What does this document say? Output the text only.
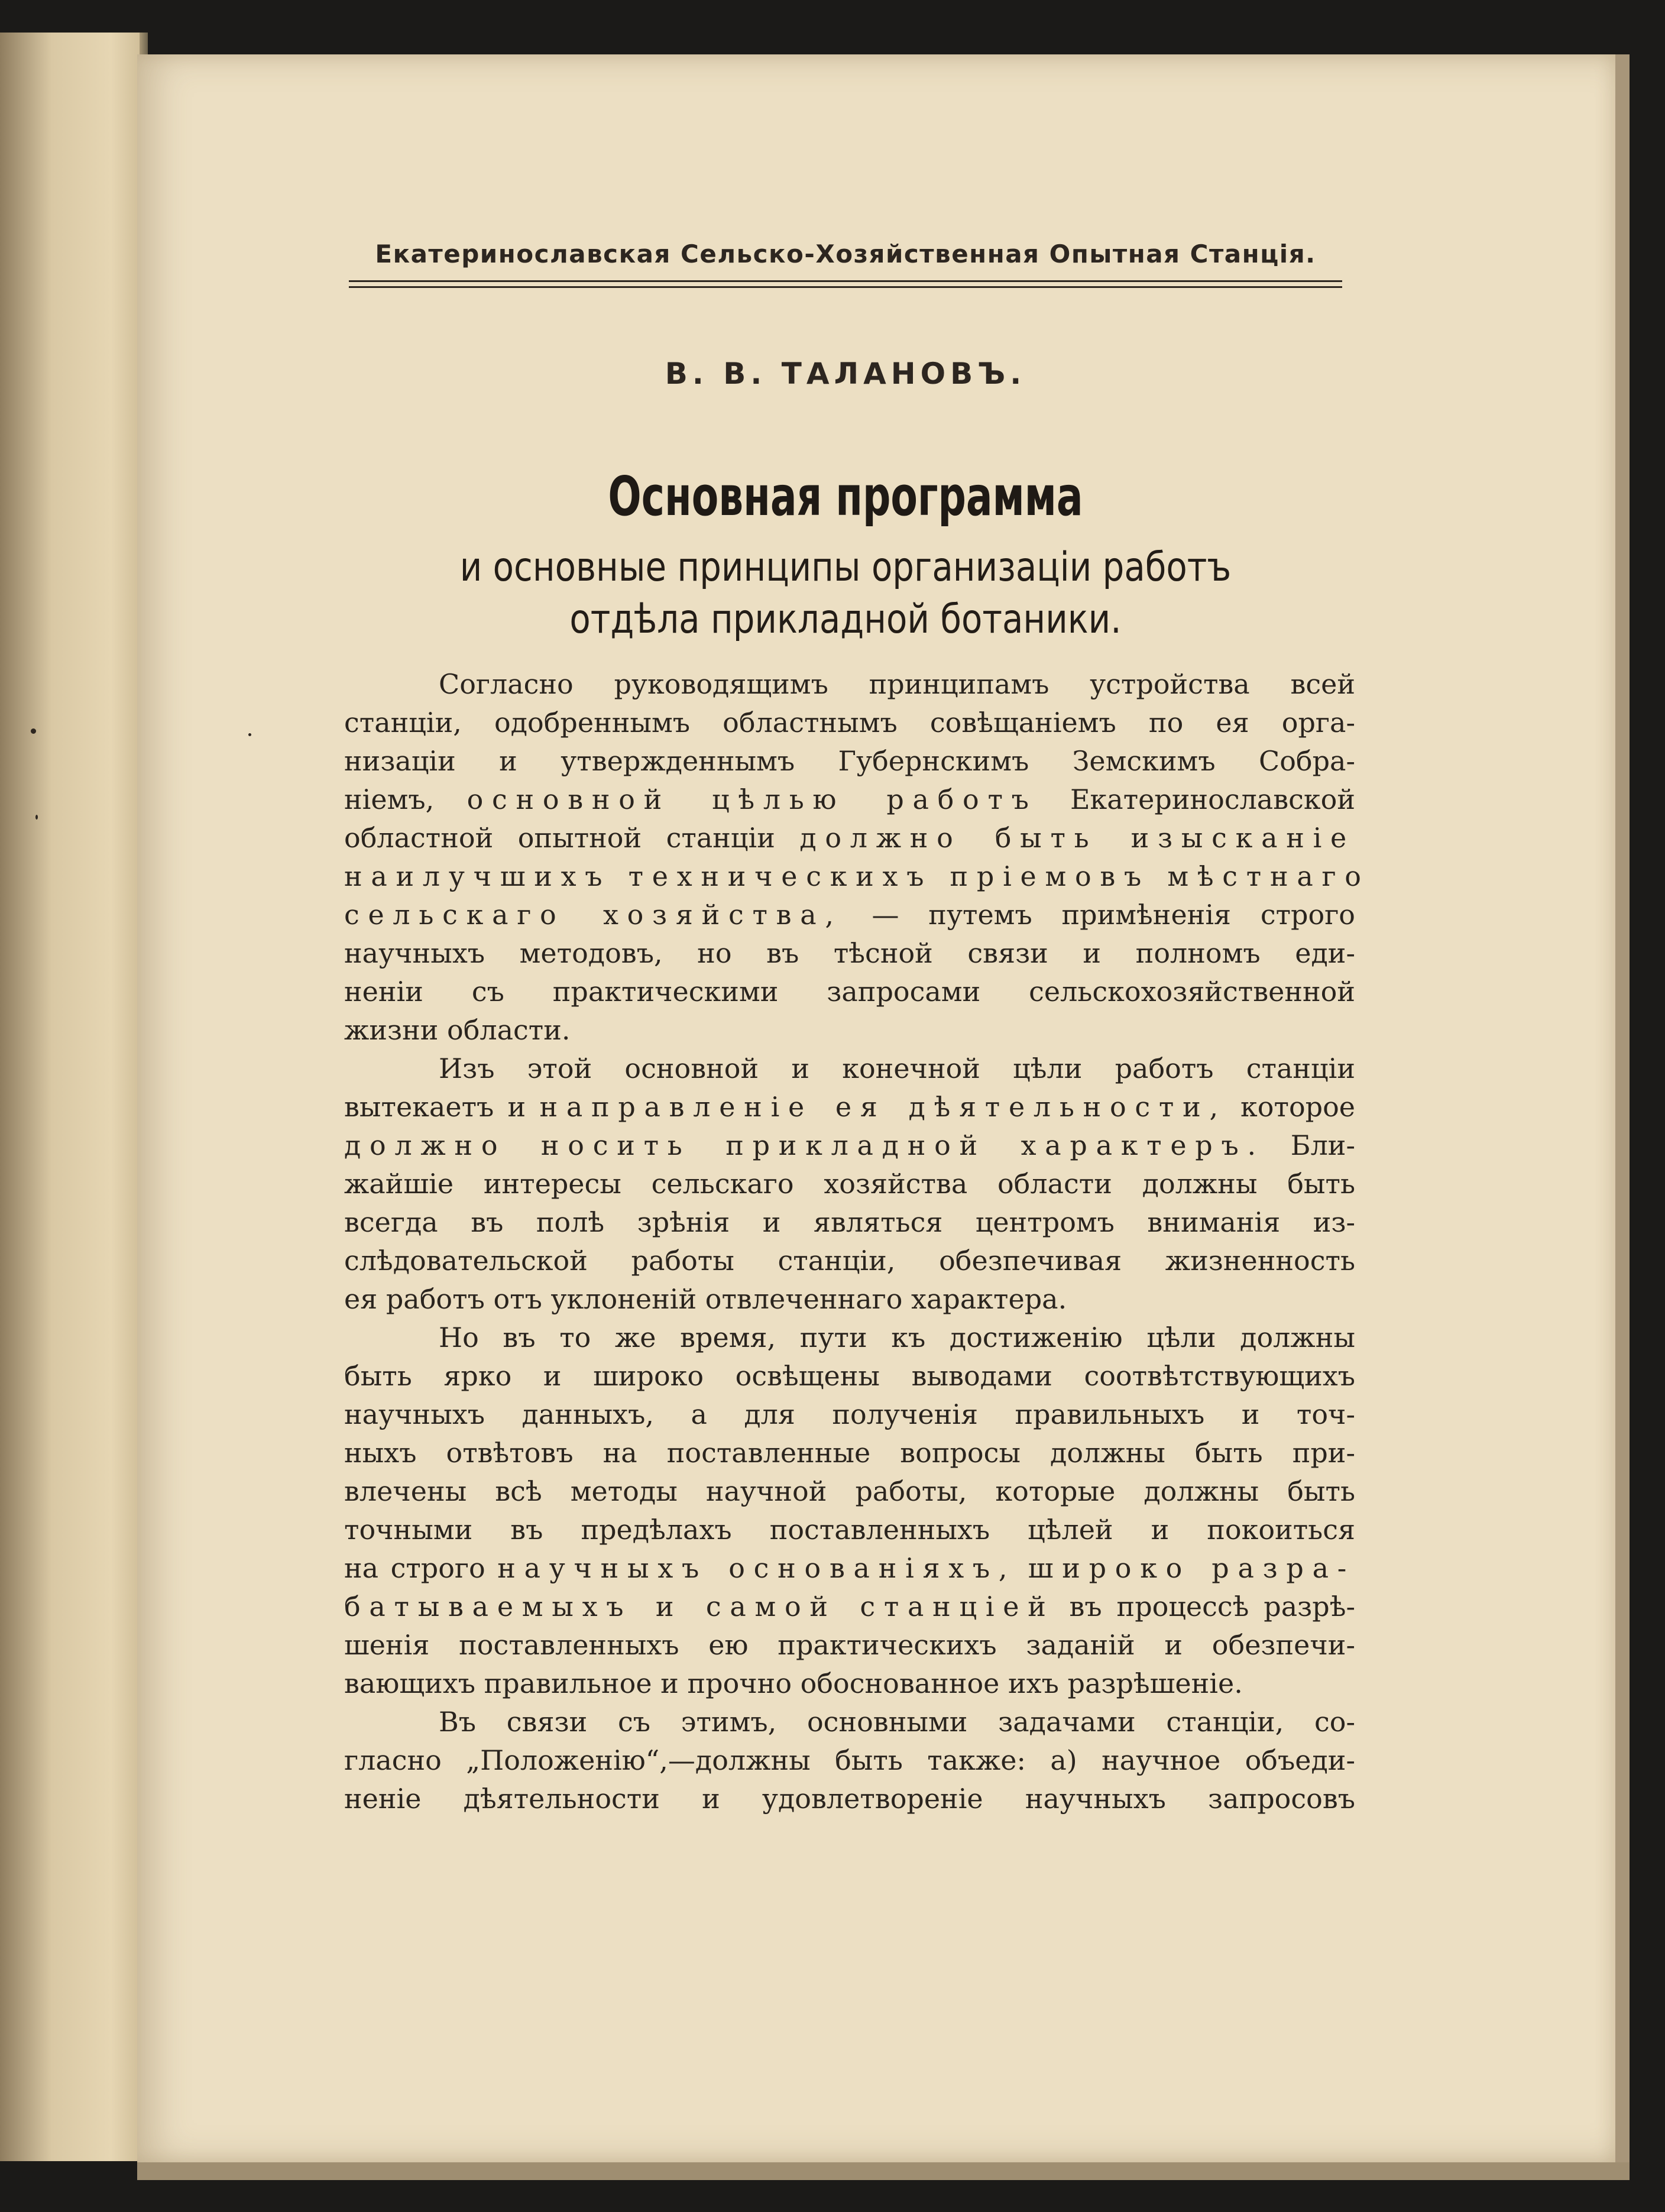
Екатеринославская Сельско-Хозяйственная Опытная Станція.
В. В. ТАЛАНОВЪ.
Основная программа
и основные принципы организаціи работъ
отдѣла прикладной ботаники.
Согласно руководящимъ принципамъ устройства всей
станціи, одобреннымъ областнымъ совѣщаніемъ по ея орга-
низаціи и утвержденнымъ Губернскимъ Земскимъ Собра-
ніемъ, основной цѣлью работъ Екатеринославской
областной опытной станціи должно быть изысканіе
наилучшихъ техническихъ пріемовъ мѣстнаго
сельскаго хозяйства, — путемъ примѣненія строго
научныхъ методовъ, но въ тѣсной связи и полномъ еди-
неніи съ практическими запросами сельскохозяйственной
жизни области.
Изъ этой основной и конечной цѣли работъ станціи
вытекаетъ и направленіе ея дѣятельности, которое
должно носить прикладной характеръ. Бли-
жайшіе интересы сельскаго хозяйства области должны быть
всегда въ полѣ зрѣнія и являться центромъ вниманія из-
слѣдовательской работы станціи, обезпечивая жизненность
ея работъ отъ уклоненій отвлеченнаго характера.
Но въ то же время, пути къ достиженію цѣли должны
быть ярко и широко освѣщены выводами соотвѣтствующихъ
научныхъ данныхъ, а для полученія правильныхъ и точ-
ныхъ отвѣтовъ на поставленные вопросы должны быть при-
влечены всѣ методы научной работы, которые должны быть
точными въ предѣлахъ поставленныхъ цѣлей и покоиться
на строго научныхъ основаніяхъ, широко разра-
батываемыхъ и самой станціей въ процессѣ разрѣ-
шенія поставленныхъ ею практическихъ заданій и обезпечи-
вающихъ правильное и прочно обоснованное ихъ разрѣшеніе.
Въ связи съ этимъ, основными задачами станціи, со-
гласно „Положенію“,—должны быть также: а) научное объеди-
неніе дѣятельности и удовлетвореніе научныхъ запросовъ
